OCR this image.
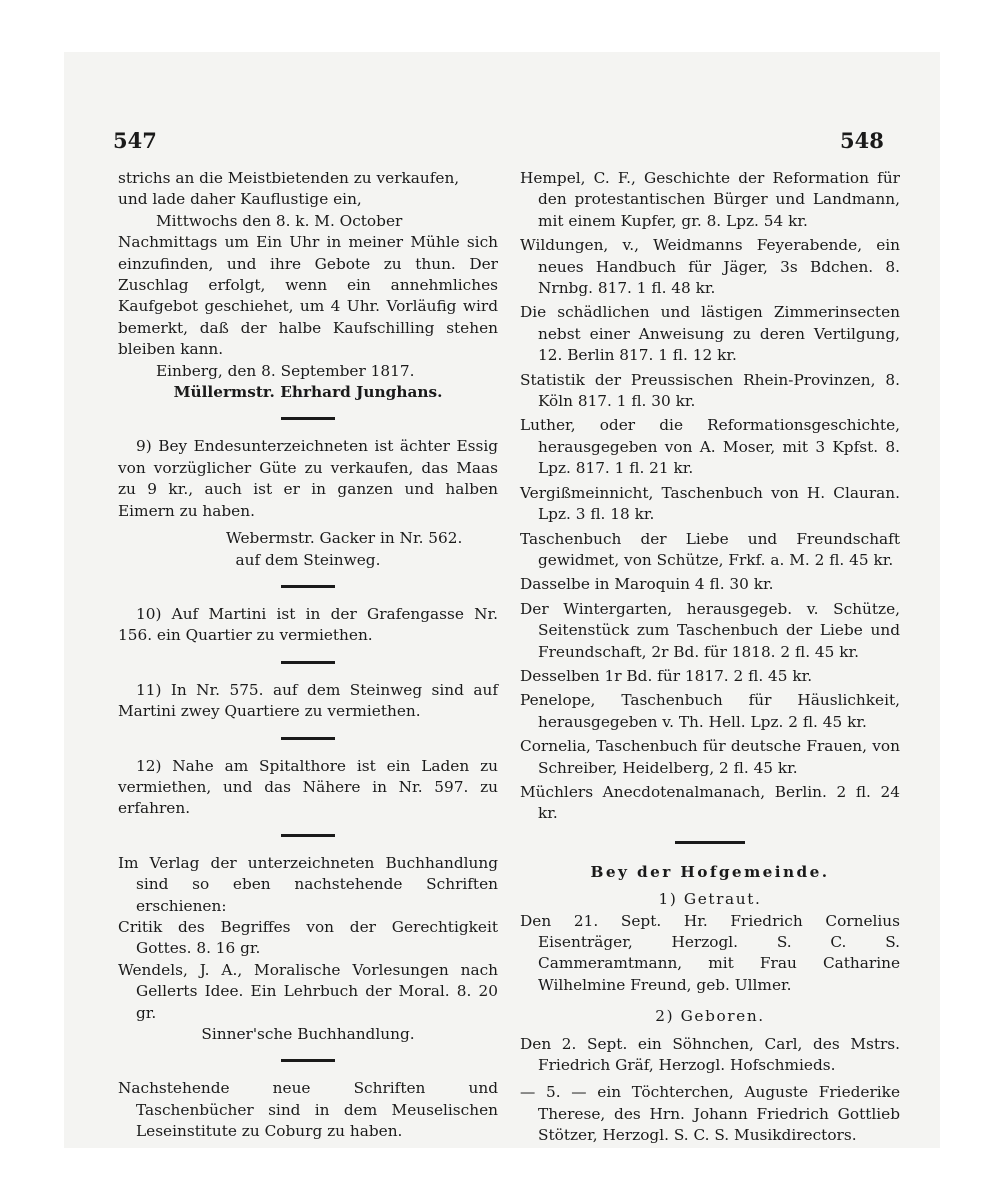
547	548

strichs an die Meistbietenden zu verkaufen,

und lade daher Kauflustige ein,

Mittwochs den 8. k. M. October

Nachmittags um Ein Uhr in meiner Mühle sich einzufinden, und ihre Gebote zu thun. Der Zuschlag erfolgt, wenn ein annehmliches Kaufgebot geschiehet, um 4 Uhr. Vorläufig wird bemerkt, daß der halbe Kaufschilling stehen bleiben kann.

Einberg, den 8. September 1817.

Müllermstr. Ehrhard Junghans.

9) Bey Endesunterzeichneten ist ächter Essig von vorzüglicher Güte zu verkaufen, das Maas zu 9 kr., auch ist er in ganzen und halben Eimern zu haben.

Webermstr. Gacker in Nr. 562.

auf dem Steinweg.

10) Auf Martini ist in der Grafengasse Nr. 156. ein Quartier zu vermiethen.

11) In Nr. 575. auf dem Steinweg sind auf Martini zwey Quartiere zu vermiethen.

12) Nahe am Spitalthore ist ein Laden zu vermiethen, und das Nähere in Nr. 597. zu erfahren.

Im Verlag der unterzeichneten Buchhandlung sind so eben nachstehende Schriften erschienen:

Critik des Begriffes von der Gerechtigkeit Gottes. 8. 16 gr.

Wendels, J. A., Moralische Vorlesungen nach Gellerts Idee. Ein Lehrbuch der Moral. 8. 20 gr.

Sinner'sche Buchhandlung.

Nachstehende neue Schriften und Taschenbücher sind in dem Meuselischen Leseinstitute zu Coburg zu haben.

Hempel, C. F., Geschichte der Reformation für den protestantischen Bürger und Landmann, mit einem Kupfer, gr. 8. Lpz. 54 kr.

Wildungen, v., Weidmanns Feyerabende, ein neues Handbuch für Jäger, 3s Bdchen. 8. Nrnbg. 817. 1 fl. 48 kr.

Die schädlichen und lästigen Zimmerinsecten nebst einer Anweisung zu deren Vertilgung, 12. Berlin 817. 1 fl. 12 kr.

Statistik der Preussischen Rhein-Provinzen, 8. Köln 817. 1 fl. 30 kr.

Luther, oder die Reformationsgeschichte, herausgegeben von A. Moser, mit 3 Kpfst. 8. Lpz. 817. 1 fl. 21 kr.

Vergißmeinnicht, Taschenbuch von H. Clauran. Lpz. 3 fl. 18 kr.

Taschenbuch der Liebe und Freundschaft gewidmet, von Schütze, Frkf. a. M. 2 fl. 45 kr.

Dasselbe in Maroquin 4 fl. 30 kr.

Der Wintergarten, herausgegeb. v. Schütze, Seitenstück zum Taschenbuch der Liebe und Freundschaft, 2r Bd. für 1818. 2 fl. 45 kr.

Desselben 1r Bd. für 1817. 2 fl. 45 kr.

Penelope, Taschenbuch für Häuslichkeit, herausgegeben v. Th. Hell. Lpz. 2 fl. 45 kr.

Cornelia, Taschenbuch für deutsche Frauen, von Schreiber, Heidelberg, 2 fl. 45 kr.

Müchlers Anecdotenalmanach, Berlin. 2 fl. 24 kr.

Bey der Hofgemeinde.

1) Getraut.

Den 21. Sept. Hr. Friedrich Cornelius Eisenträger, Herzogl. S. C. S. Cammeramtmann, mit Frau Catharine Wilhelmine Freund, geb. Ullmer.

2) Geboren.

Den 2. Sept. ein Söhnchen, Carl, des Mstrs. Friedrich Gräf, Herzogl. Hofschmieds.

— 5. — ein Töchterchen, Auguste Friederike Therese, des Hrn. Johann Friedrich Gottlieb Stötzer, Herzogl. S. C. S. Musikdirectors.
